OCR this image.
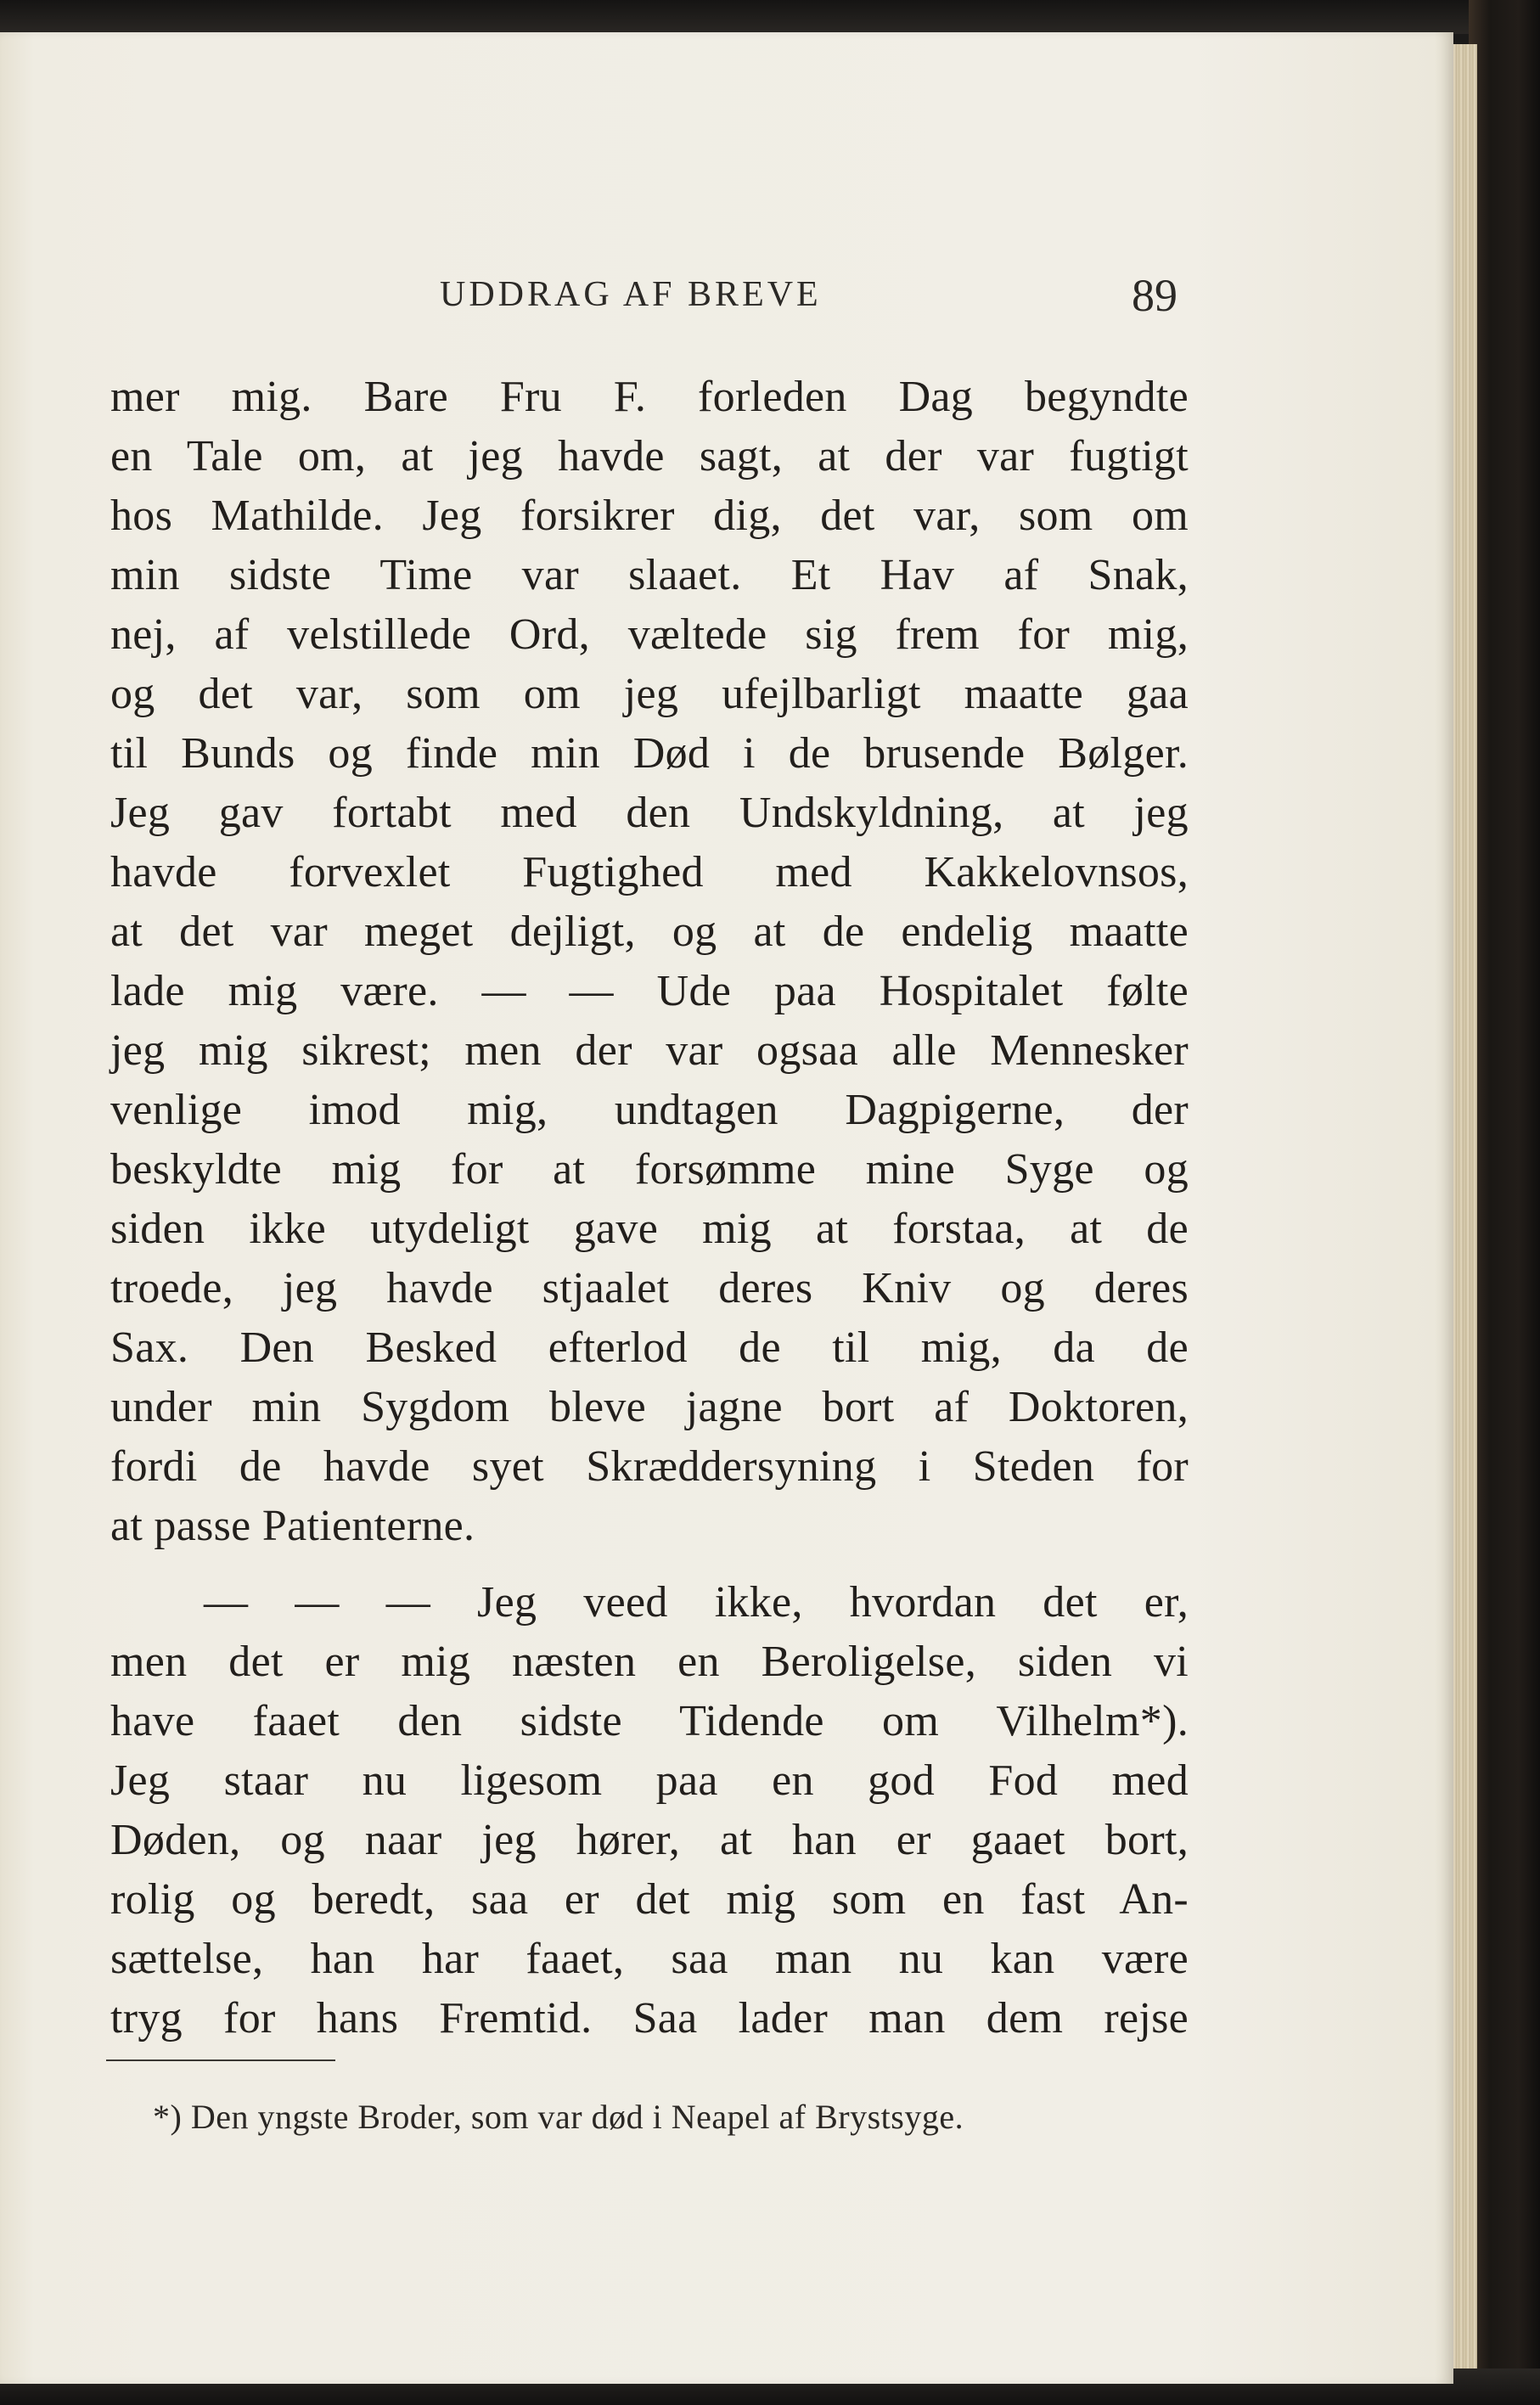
UDDRAG AF BREVE	89
mer mig. Bare Fru F. forleden Dag begyndte
en Tale om, at jeg havde sagt, at der var fugtigt
hos Mathilde. Jeg forsikrer dig, det var, som om
min sidste Time var slaaet. Et Hav af Snak,
nej, af velstillede Ord, væltede sig frem for mig,
og det var, som om jeg ufejlbarligt maatte gaa
til Bunds og finde min Død i de brusende Bølger.
Jeg gav fortabt med den Undskyldning, at jeg
havde forvexlet Fugtighed med Kakkelovnsos,
at det var meget dejligt, og at de endelig maatte
lade mig være. — — Ude paa Hospitalet følte
jeg mig sikrest; men der var ogsaa alle Mennesker
venlige imod mig, undtagen Dagpigerne, der
beskyldte mig for at forsømme mine Syge og
siden ikke utydeligt gave mig at forstaa, at de
troede, jeg havde stjaalet deres Kniv og deres
Sax. Den Besked efterlod de til mig, da de
under min Sygdom bleve jagne bort af Doktoren,
fordi de havde syet Skræddersyning i Steden for
at passe Patienterne.
— — — Jeg veed ikke, hvordan det er,
men det er mig næsten en Beroligelse, siden vi
have faaet den sidste Tidende om Vilhelm*).
Jeg staar nu ligesom paa en god Fod med
Døden, og naar jeg hører, at han er gaaet bort,
rolig og beredt, saa er det mig som en fast An-
sættelse, han har faaet, saa man nu kan være
tryg for hans Fremtid. Saa lader man dem rejse
*) Den yngste Broder, som var død i Neapel af Brystsyge.
